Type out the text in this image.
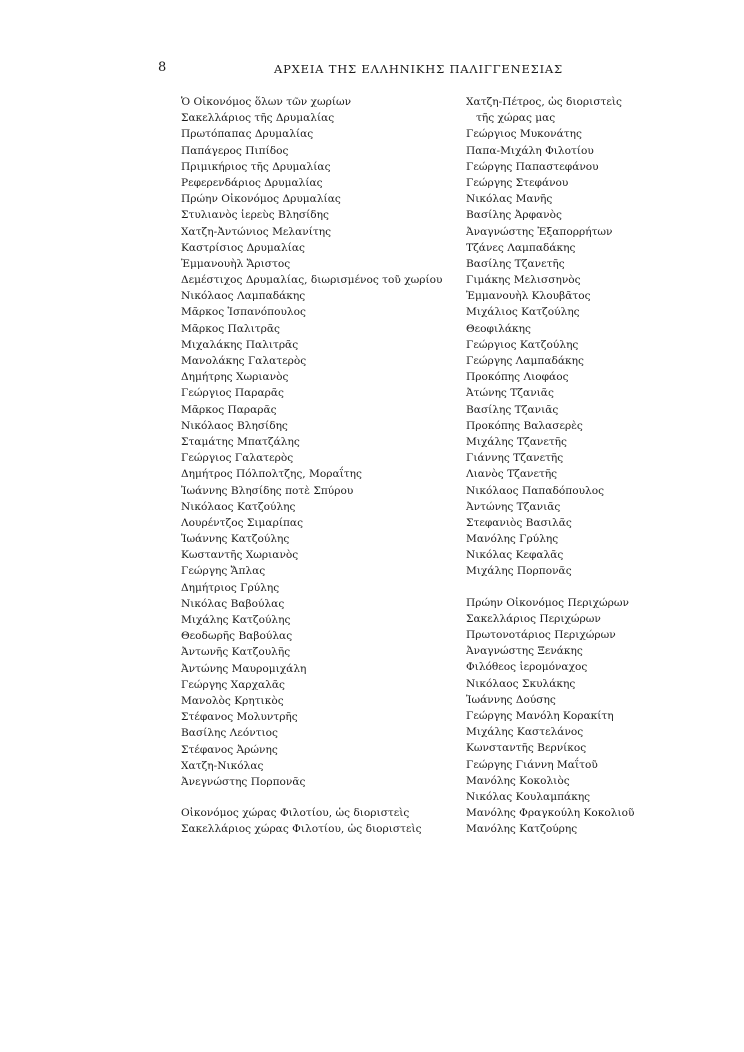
8	ΑΡΧΕΙΑ ΤΗΣ ΕΛΛΗΝΙΚΗΣ ΠΑΛΙΓΓΕΝΕΣΙΑΣ
Ὁ Οἰκονόμος ὅλων τῶν χωρίων
Σακελλάριος τῆς Δρυμαλίας
Πρωτόπαπας Δρυμαλίας
Παπάγερος Πιπίδος
Πριμικήριος τῆς Δρυμαλίας
Ρεφερενδάριος Δρυμαλίας
Πρώην Οἰκονόμος Δρυμαλίας
Στυλιανὸς ἱερεὺς Βλησίδης
Χατζη-Ἀντώνιος Μελανίτης
Καστρίσιος Δρυμαλίας
Ἐμμανουὴλ Ἄριστος
Δεμέστιχος Δρυμαλίας, διωρισμένος τοῦ χωρίου
Νικόλαος Λαμπαδάκης
Μᾶρκος Ἱσπανόπουλος
Μᾶρκος Παλιτρᾶς
Μιχαλάκης Παλιτρᾶς
Μανολάκης Γαλατερὸς
Δημήτρης Χωριανὸς
Γεώργιος Παραρᾶς
Μᾶρκος Παραρᾶς
Νικόλαος Βλησίδης
Σταμάτης Μπατζάλης
Γεώργιος Γαλατερὸς
Δημήτρος Πόλπολτζης, Μοραΐτης
Ἰωάννης Βλησίδης ποτὲ Σπύρου
Νικόλαος Κατζούλης
Λουρέντζος Σιμαρίπας
Ἰωάννης Κατζούλης
Κωσταντῆς Χωριανὸς
Γεώργης Ἄπλας
Δημήτριος Γρύλης
Νικόλας Βαβούλας
Μιχάλης Κατζούλης
Θεοδωρῆς Βαβούλας
Ἀντωνῆς Κατζουλῆς
Ἀντώνης Μαυρομιχάλη
Γεώργης Χαρχαλᾶς
Μανολὸς Κρητικὸς
Στέφανος Μολυντρῆς
Βασίλης Λεόντιος
Στέφανος Ἀρώνης
Χατζη-Νικόλας
Ἀνεγνώστης Πορπονᾶς
Οἰκονόμος χώρας Φιλοτίου, ὡς διοριστεὶς
Σακελλάριος χώρας Φιλοτίου, ὡς διοριστεὶς
Χατζη-Πέτρος, ὡς διοριστεὶς
τῆς χώρας μας
Γεώργιος Μυκονάτης
Παπα-Μιχάλη Φιλοτίου
Γεώργης Παπαστεφάνου
Γεώργης Στεφάνου
Νικόλας Μανῆς
Βασίλης Ἀρφανὸς
Ἀναγνώστης Ἐξαπορρήτων
Τζάνες Λαμπαδάκης
Βασίλης Τζανετῆς
Γιμάκης Μελισσηνὸς
Ἐμμανουὴλ Κλουβᾶτος
Μιχάλιος Κατζούλης
Θεοφιλάκης
Γεώργιος Κατζούλης
Γεώργης Λαμπαδάκης
Προκόπης Λιοφάος
Ἀτώνης Τζανιᾶς
Βασίλης Τζανιᾶς
Προκόπης Βαλασερὲς
Μιχάλης Τζανετῆς
Γιάννης Τζανετῆς
Λιανὸς Τζανετῆς
Νικόλαος Παπαδόπουλος
Ἀντώνης Τζανιᾶς
Στεφανιὸς Βασιλᾶς
Μανόλης Γρύλης
Νικόλας Κεφαλᾶς
Μιχάλης Πορπονᾶς
Πρώην Οἰκονόμος Περιχώρων
Σακελλάριος Περιχώρων
Πρωτονοτάριος Περιχώρων
Ἀναγνώστης Ξενάκης
Φιλόθεος ἱερομόναχος
Νικόλαος Σκυλάκης
Ἰωάννης Δούσης
Γεώργης Μανόλη Κορακίτη
Μιχάλης Καστελάνος
Κωνσταντῆς Βερνίκος
Γεώργης Γιάννη Μαΐτοῦ
Μανόλης Κοκολιὸς
Νικόλας Κουλαμπάκης
Μανόλης Φραγκούλη Κοκολιοῦ
Μανόλης Κατζούρης
